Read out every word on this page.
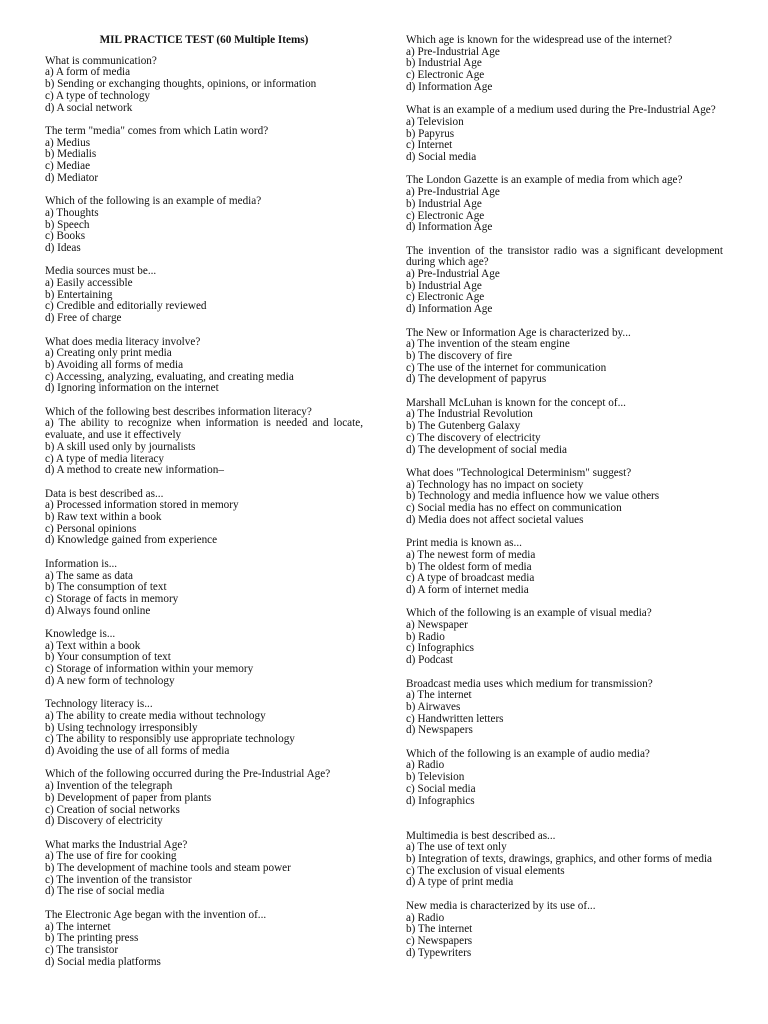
MIL PRACTICE TEST (60 Multiple Items)
What is communication?
a) A form of media
b) Sending or exchanging thoughts, opinions, or information
c) A type of technology
d) A social network
The term "media" comes from which Latin word?
a) Medius
b) Medialis
c) Mediae
d) Mediator
Which of the following is an example of media?
a) Thoughts
b) Speech
c) Books
d) Ideas
Media sources must be...
a) Easily accessible
b) Entertaining
c) Credible and editorially reviewed
d) Free of charge
What does media literacy involve?
a) Creating only print media
b) Avoiding all forms of media
c) Accessing, analyzing, evaluating, and creating media
d) Ignoring information on the internet
Which of the following best describes information literacy?
a) The ability to recognize when information is needed and locate, evaluate, and use it effectively
b) A skill used only by journalists
c) A type of media literacy
d) A method to create new information–
Data is best described as...
a) Processed information stored in memory
b) Raw text within a book
c) Personal opinions
d) Knowledge gained from experience
Information is...
a) The same as data
b) The consumption of text
c) Storage of facts in memory
d) Always found online
Knowledge is...
a) Text within a book
b) Your consumption of text
c) Storage of information within your memory
d) A new form of technology
Technology literacy is...
a) The ability to create media without technology
b) Using technology irresponsibly
c) The ability to responsibly use appropriate technology
d) Avoiding the use of all forms of media
Which of the following occurred during the Pre-Industrial Age?
a) Invention of the telegraph
b) Development of paper from plants
c) Creation of social networks
d) Discovery of electricity
What marks the Industrial Age?
a) The use of fire for cooking
b) The development of machine tools and steam power
c) The invention of the transistor
d) The rise of social media
The Electronic Age began with the invention of...
a) The internet
b) The printing press
c) The transistor
d) Social media platforms
Which age is known for the widespread use of the internet?
a) Pre-Industrial Age
b) Industrial Age
c) Electronic Age
d) Information Age
What is an example of a medium used during the Pre-Industrial Age?
a) Television
b) Papyrus
c) Internet
d) Social media
The London Gazette is an example of media from which age?
a) Pre-Industrial Age
b) Industrial Age
c) Electronic Age
d) Information Age
The invention of the transistor radio was a significant development during which age?
a) Pre-Industrial Age
b) Industrial Age
c) Electronic Age
d) Information Age
The New or Information Age is characterized by...
a) The invention of the steam engine
b) The discovery of fire
c) The use of the internet for communication
d) The development of papyrus
Marshall McLuhan is known for the concept of...
a) The Industrial Revolution
b) The Gutenberg Galaxy
c) The discovery of electricity
d) The development of social media
What does "Technological Determinism" suggest?
a) Technology has no impact on society
b) Technology and media influence how we value others
c) Social media has no effect on communication
d) Media does not affect societal values
Print media is known as...
a) The newest form of media
b) The oldest form of media
c) A type of broadcast media
d) A form of internet media
Which of the following is an example of visual media?
a) Newspaper
b) Radio
c) Infographics
d) Podcast
Broadcast media uses which medium for transmission?
a) The internet
b) Airwaves
c) Handwritten letters
d) Newspapers
Which of the following is an example of audio media?
a) Radio
b) Television
c) Social media
d) Infographics
Multimedia is best described as...
a) The use of text only
b) Integration of texts, drawings, graphics, and other forms of media
c) The exclusion of visual elements
d) A type of print media
New media is characterized by its use of...
a) Radio
b) The internet
c) Newspapers
d) Typewriters
